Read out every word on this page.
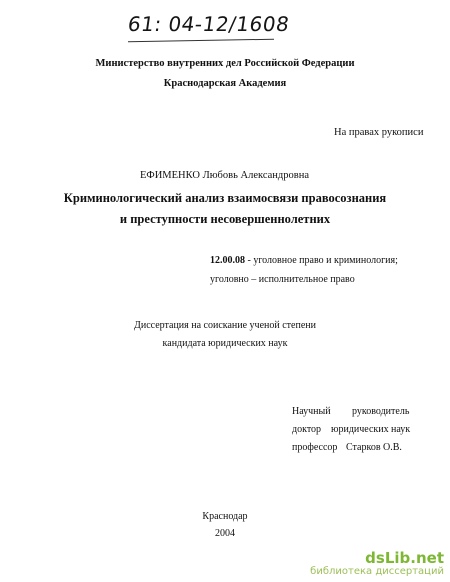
61: 04-12/1608
Министерство внутренних дел Российской Федерации
Краснодарская Академия
На правах рукописи
ЕФИМЕНКО Любовь Александровна
Криминологический анализ взаимосвязи правосознания
и преступности несовершеннолетних
12.00.08 - уголовное право и криминология;
уголовно – исполнительное право
Диссертация на соискание ученой степени
кандидата юридических наук
Научный руководитель
доктор юридических наук
профессор Старков О.В.
Краснодар
2004
dsLib.net
библиотека диссертаций
